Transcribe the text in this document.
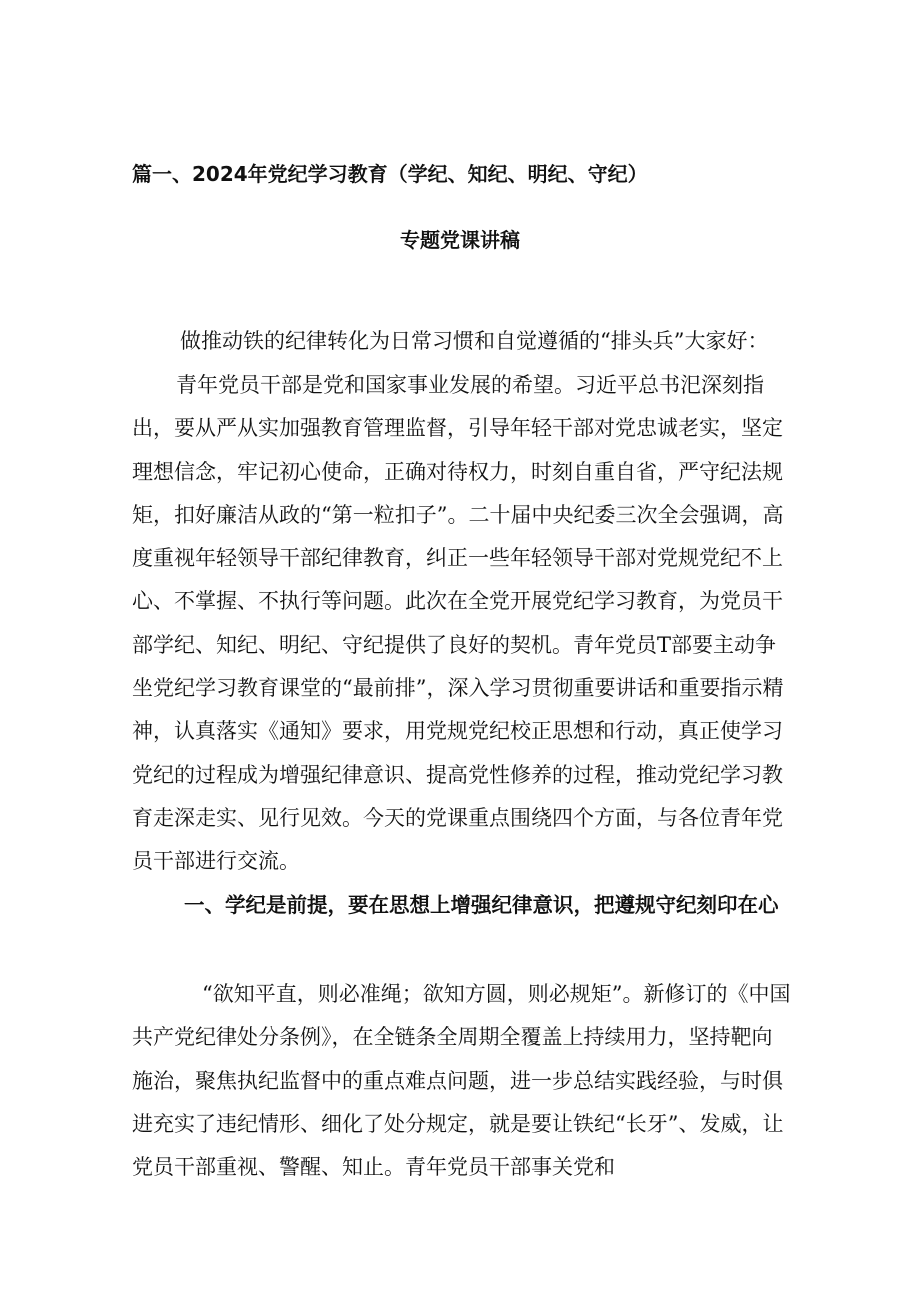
篇一、2024年党纪学习教育（学纪、知纪、明纪、守纪）
专题党课讲稿
做推动铁的纪律转化为日常习惯和自觉遵循的“排头兵”大家好：
青年党员干部是党和国家事业发展的希望。习近平总书汜深刻指出，要从严从实加强教育管理监督，引导年轻干部对党忠诚老实，坚定理想信念，牢记初心使命，正确对待权力，时刻自重自省，严守纪法规矩，扣好廉洁从政的“第一粒扣子”。二十届中央纪委三次全会强调，高度重视年轻领导干部纪律教育，纠正一些年轻领导干部对党规党纪不上心、不掌握、不执行等问题。此次在全党开展党纪学习教育，为党员干部学纪、知纪、明纪、守纪提供了良好的契机。青年党员T部要主动争坐党纪学习教育课堂的“最前排”，深入学习贯彻重要讲话和重要指示精神，认真落实《通知》要求，用党规党纪校正思想和行动，真正使学习党纪的过程成为增强纪律意识、提高党性修养的过程，推动党纪学习教育走深走实、见行见效。今天的党课重点围绕四个方面，与各位青年党员干部进行交流。
一、学纪是前提，要在思想上增强纪律意识，把遵规守纪刻印在心
“欲知平直，则必准绳；欲知方圆，则必规矩”。新修订的《中国共产党纪律处分条例》，在全链条全周期全覆盖上持续用力，坚持靶向施治，聚焦执纪监督中的重点难点问题，进一步总结实践经验，与时俱进充实了违纪情形、细化了处分规定，就是要让铁纪“长牙”、发威，让党员干部重视、警醒、知止。青年党员干部事关党和
